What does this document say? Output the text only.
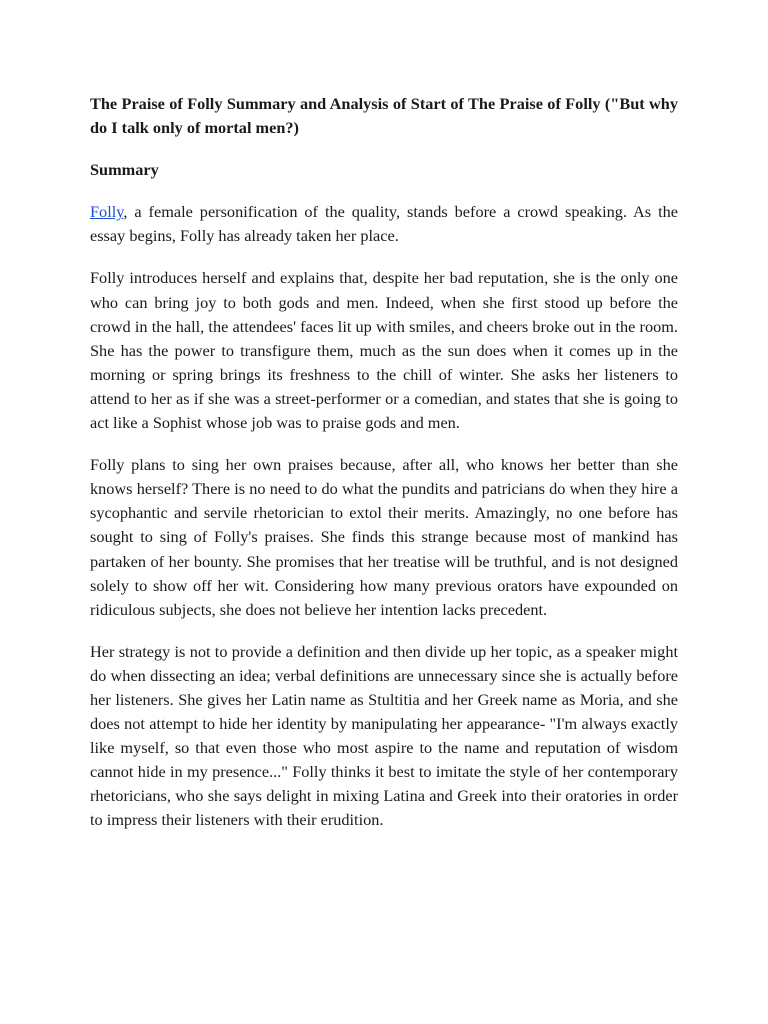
The Praise of Folly Summary and Analysis of Start of The Praise of Folly ("But why do I talk only of mortal men?)

Summary

Folly, a female personification of the quality, stands before a crowd speaking. As the essay begins, Folly has already taken her place.

Folly introduces herself and explains that, despite her bad reputation, she is the only one who can bring joy to both gods and men. Indeed, when she first stood up before the crowd in the hall, the attendees' faces lit up with smiles, and cheers broke out in the room. She has the power to transfigure them, much as the sun does when it comes up in the morning or spring brings its freshness to the chill of winter. She asks her listeners to attend to her as if she was a street-performer or a comedian, and states that she is going to act like a Sophist whose job was to praise gods and men.

Folly plans to sing her own praises because, after all, who knows her better than she knows herself? There is no need to do what the pundits and patricians do when they hire a sycophantic and servile rhetorician to extol their merits. Amazingly, no one before has sought to sing of Folly's praises. She finds this strange because most of mankind has partaken of her bounty. She promises that her treatise will be truthful, and is not designed solely to show off her wit. Considering how many previous orators have expounded on ridiculous subjects, she does not believe her intention lacks precedent.

Her strategy is not to provide a definition and then divide up her topic, as a speaker might do when dissecting an idea; verbal definitions are unnecessary since she is actually before her listeners. She gives her Latin name as Stultitia and her Greek name as Moria, and she does not attempt to hide her identity by manipulating her appearance- "I'm always exactly like myself, so that even those who most aspire to the name and reputation of wisdom cannot hide in my presence..." Folly thinks it best to imitate the style of her contemporary rhetoricians, who she says delight in mixing Latina and Greek into their oratories in order to impress their listeners with their erudition.
